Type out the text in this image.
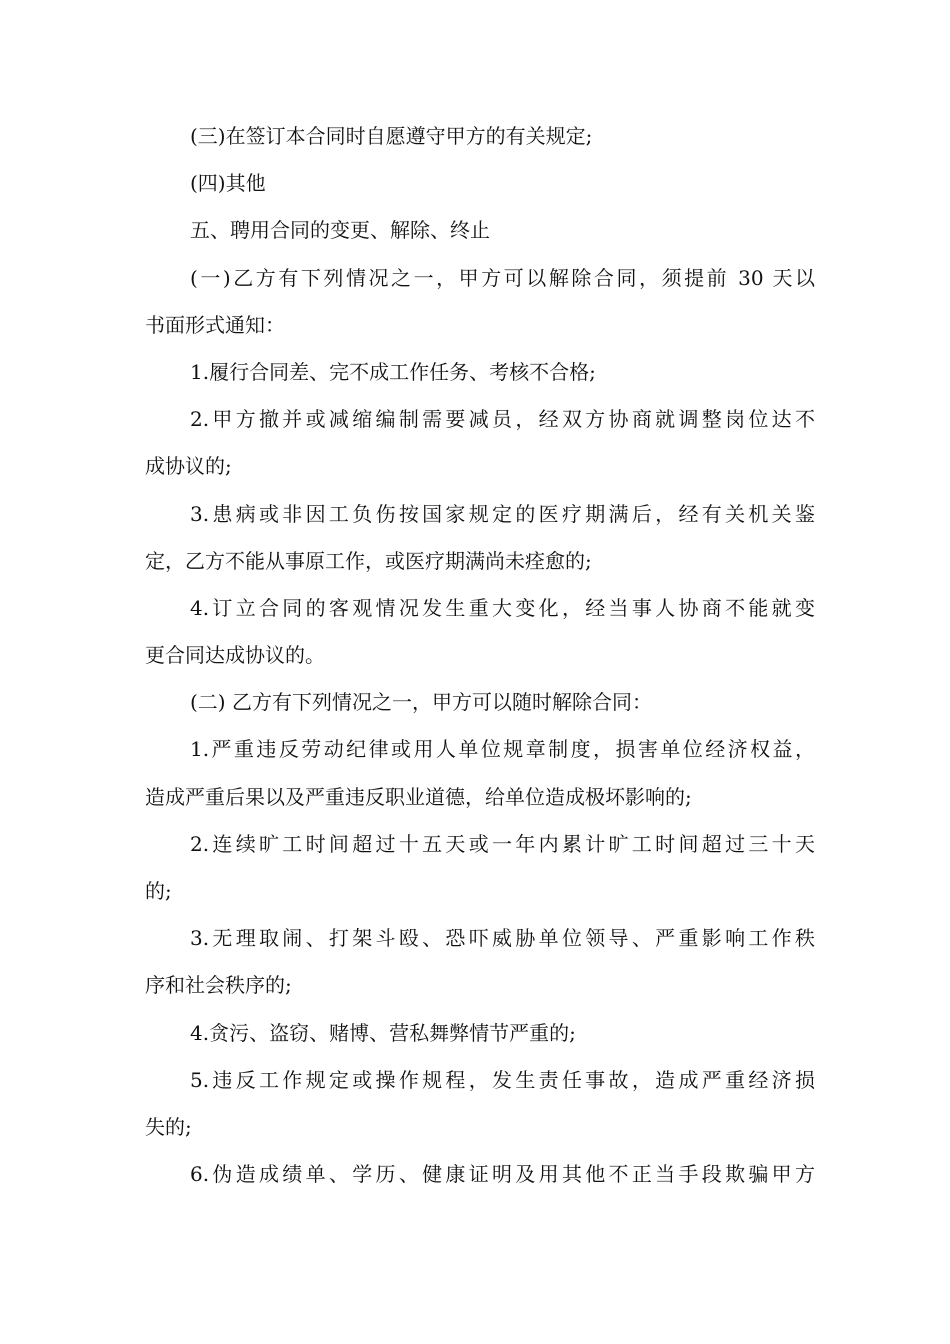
(三)在签订本合同时自愿遵守甲方的有关规定;
(四)其他
五、聘用合同的变更、解除、终止
(一)乙方有下列情况之一，甲方可以解除合同，须提前 30 天以
书面形式通知：
1.履行合同差、完不成工作任务、考核不合格;
2.甲方撤并或减缩编制需要减员，经双方协商就调整岗位达不
成协议的;
3.患病或非因工负伤按国家规定的医疗期满后，经有关机关鉴
定，乙方不能从事原工作，或医疗期满尚未痊愈的;
4.订立合同的客观情况发生重大变化，经当事人协商不能就变
更合同达成协议的。
(二) 乙方有下列情况之一，甲方可以随时解除合同：
1.严重违反劳动纪律或用人单位规章制度，损害单位经济权益，
造成严重后果以及严重违反职业道德，给单位造成极坏影响的;
2.连续旷工时间超过十五天或一年内累计旷工时间超过三十天
的;
3.无理取闹、打架斗殴、恐吓威胁单位领导、严重影响工作秩
序和社会秩序的;
4.贪污、盗窃、赌博、营私舞弊情节严重的;
5.违反工作规定或操作规程，发生责任事故，造成严重经济损
失的;
6.伪造成绩单、学历、健康证明及用其他不正当手段欺骗甲方
